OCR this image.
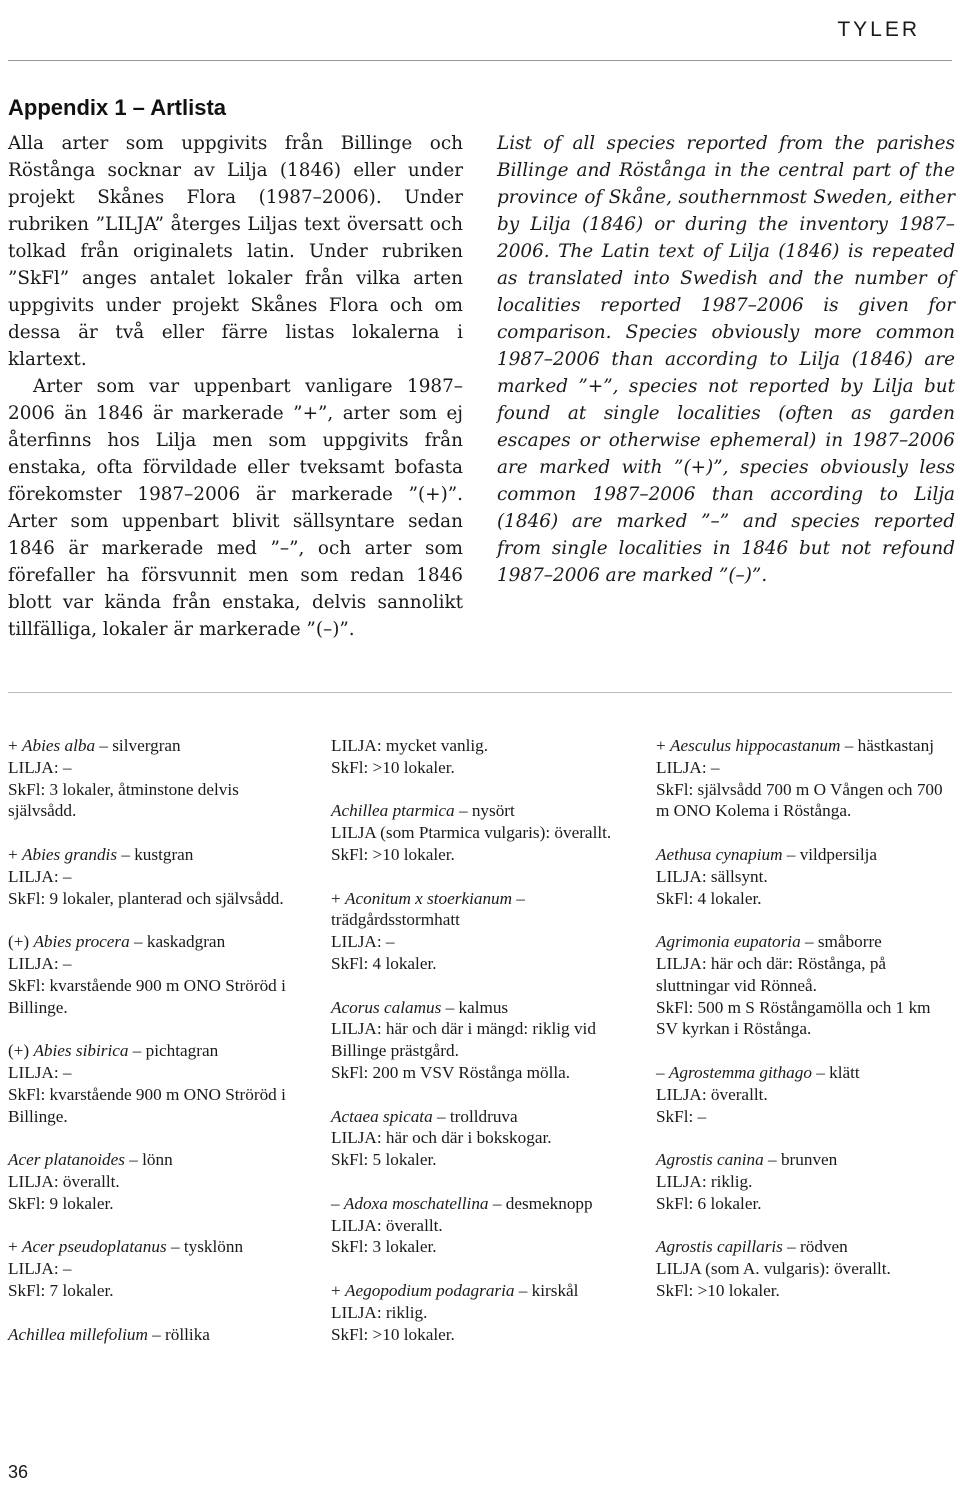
TYLER
Appendix 1 – Artlista

Alla arter som uppgivits från Billinge och Röstånga socknar av Lilja (1846) eller under projekt Skånes Flora (1987–2006). Under rubriken ”LILJA” återges Liljas text översatt och tolkad från originalets latin. Under rubriken ”SkFl” anges antalet lokaler från vilka arten uppgivits under projekt Skånes Flora och om dessa är två eller färre listas lokalerna i klartext.

Arter som var uppenbart vanligare 1987–2006 än 1846 är markerade ”+”, arter som ej återfinns hos Lilja men som uppgivits från enstaka, ofta förvildade eller tveksamt bofasta förekomster 1987–2006 är markerade ”(+)”. Arter som uppenbart blivit sällsyntare sedan 1846 är markerade med ”–”, och arter som förefaller ha försvunnit men som redan 1846 blott var kända från enstaka, delvis sannolikt tillfälliga, lokaler är markerade ”(–)”.

List of all species reported from the parishes Billinge and Röstånga in the central part of the province of Skåne, southernmost Sweden, either by Lilja (1846) or during the inventory 1987–2006. The Latin text of Lilja (1846) is repeated as translated into Swedish and the number of localities reported 1987–2006 is given for comparison. Species obviously more common 1987–2006 than according to Lilja (1846) are marked ”+”, species not reported by Lilja but found at single localities (often as garden escapes or otherwise ephemeral) in 1987–2006 are marked with ”(+)”, species obviously less common 1987–2006 than according to Lilja (1846) are marked ”–” and species reported from single localities in 1846 but not refound 1987–2006 are marked ”(–)”.

+ Abies alba – silvergran
LILJA: –
SkFl: 3 lokaler, åtminstone delvis självsådd.
+ Abies grandis – kustgran
LILJA: –
SkFl: 9 lokaler, planterad och självsådd.
(+) Abies procera – kaskadgran
LILJA: –
SkFl: kvarstående 900 m ONO Ströröd i Billinge.
(+) Abies sibirica – pichtagran
LILJA: –
SkFl: kvarstående 900 m ONO Ströröd i Billinge.
Acer platanoides – lönn
LILJA: överallt.
SkFl: 9 lokaler.
+ Acer pseudoplatanus – tysklönn
LILJA: –
SkFl: 7 lokaler.
Achillea millefolium – röllika
LILJA: mycket vanlig.
SkFl: >10 lokaler.
Achillea ptarmica – nysört
LILJA (som Ptarmica vulgaris): överallt.
SkFl: >10 lokaler.
+ Aconitum x stoerkianum – trädgårdsstormhatt
LILJA: –
SkFl: 4 lokaler.
Acorus calamus – kalmus
LILJA: här och där i mängd: riklig vid Billinge prästgård.
SkFl: 200 m VSV Röstånga mölla.
Actaea spicata – trolldruva
LILJA: här och där i bokskogar.
SkFl: 5 lokaler.
– Adoxa moschatellina – desmeknopp
LILJA: överallt.
SkFl: 3 lokaler.
+ Aegopodium podagraria – kirskål
LILJA: riklig.
SkFl: >10 lokaler.
+ Aesculus hippocastanum – hästkastanj
LILJA: –
SkFl: självsådd 700 m O Vången och 700 m ONO Kolema i Röstånga.
Aethusa cynapium – vildpersilja
LILJA: sällsynt.
SkFl: 4 lokaler.
Agrimonia eupatoria – småborre
LILJA: här och där: Röstånga, på sluttningar vid Rönneå.
SkFl: 500 m S Röstångamölla och 1 km SV kyrkan i Röstånga.
– Agrostemma githago – klätt
LILJA: överallt.
SkFl: –
Agrostis canina – brunven
LILJA: riklig.
SkFl: 6 lokaler.
Agrostis capillaris – rödven
LILJA (som A. vulgaris): överallt.
SkFl: >10 lokaler.
36
